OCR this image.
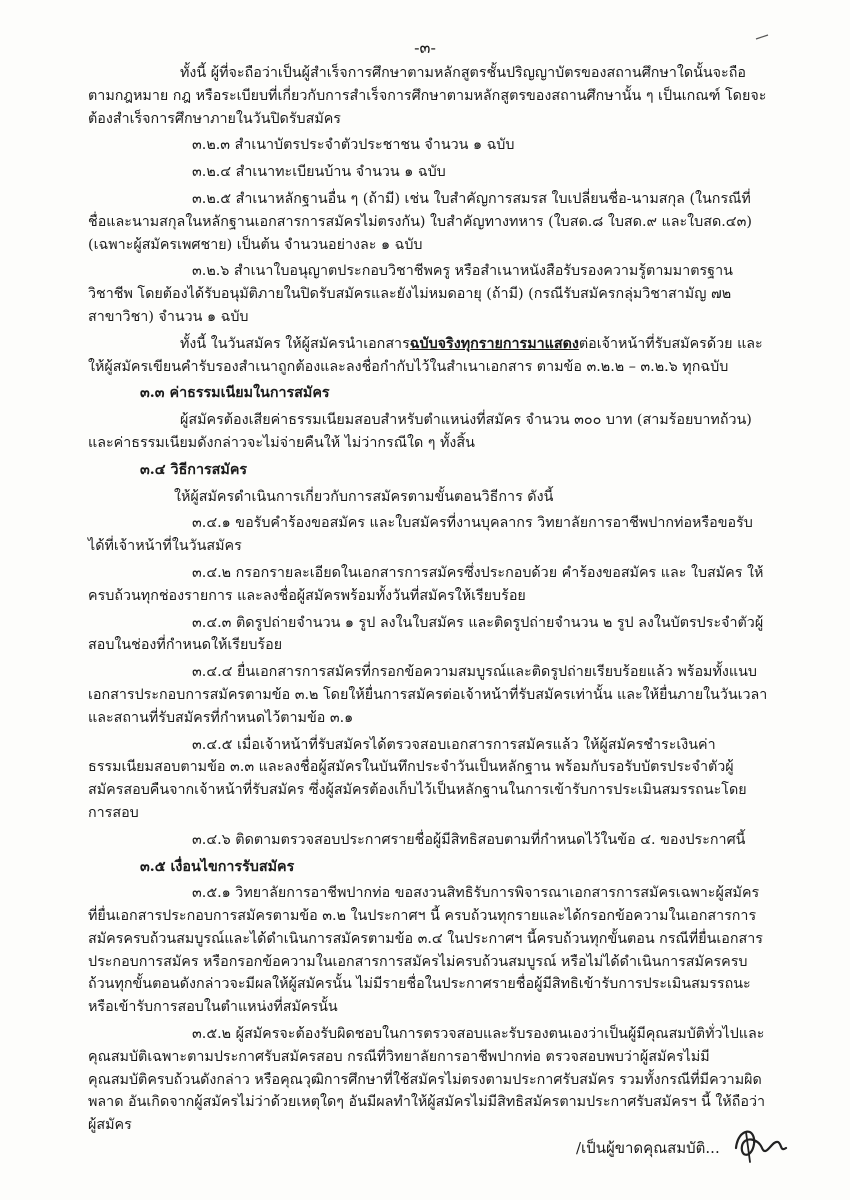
-๓-

ทั้งนี้ ผู้ที่จะถือว่าเป็นผู้สำเร็จการศึกษาตามหลักสูตรชั้นปริญญาบัตรของสถานศึกษาใดนั้นจะถือตามกฎหมาย กฎ หรือระเบียบที่เกี่ยวกับการสำเร็จการศึกษาตามหลักสูตรของสถานศึกษานั้น ๆ เป็นเกณฑ์ โดยจะต้องสำเร็จการศึกษาภายในวันปิดรับสมัคร

๓.๒.๓ สำเนาบัตรประจำตัวประชาชน จำนวน ๑ ฉบับ

๓.๒.๔ สำเนาทะเบียนบ้าน จำนวน ๑ ฉบับ

๓.๒.๕ สำเนาหลักฐานอื่น ๆ (ถ้ามี) เช่น ใบสำคัญการสมรส ใบเปลี่ยนชื่อ-นามสกุล (ในกรณีที่ชื่อและนามสกุลในหลักฐานเอกสารการสมัครไม่ตรงกัน) ใบสำคัญทางทหาร (ใบสด.๘ ใบสด.๙ และใบสด.๔๓) (เฉพาะผู้สมัครเพศชาย) เป็นต้น จำนวนอย่างละ ๑ ฉบับ

๓.๒.๖ สำเนาใบอนุญาตประกอบวิชาชีพครู หรือสำเนาหนังสือรับรองความรู้ตามมาตรฐานวิชาชีพ โดยต้องได้รับอนุมัติภายในปิดรับสมัครและยังไม่หมดอายุ (ถ้ามี) (กรณีรับสมัครกลุ่มวิชาสามัญ ๗๒ สาขาวิชา) จำนวน ๑ ฉบับ

ทั้งนี้ ในวันสมัคร ให้ผู้สมัครนำเอกสารฉบับจริงทุกรายการมาแสดงต่อเจ้าหน้าที่รับสมัครด้วย และให้ผู้สมัครเขียนคำรับรองสำเนาถูกต้องและลงชื่อกำกับไว้ในสำเนาเอกสาร ตามข้อ ๓.๒.๒ – ๓.๒.๖ ทุกฉบับ

๓.๓ ค่าธรรมเนียมในการสมัคร

ผู้สมัครต้องเสียค่าธรรมเนียมสอบสำหรับตำแหน่งที่สมัคร จำนวน ๓๐๐ บาท (สามร้อยบาทถ้วน) และค่าธรรมเนียมดังกล่าวจะไม่จ่ายคืนให้ ไม่ว่ากรณีใด ๆ ทั้งสิ้น

๓.๔ วิธีการสมัคร

ให้ผู้สมัครดำเนินการเกี่ยวกับการสมัครตามขั้นตอนวิธีการ ดังนี้

๓.๔.๑ ขอรับคำร้องขอสมัคร และใบสมัครที่งานบุคลากร วิทยาลัยการอาชีพปากท่อหรือขอรับได้ที่เจ้าหน้าที่ในวันสมัคร

๓.๔.๒ กรอกรายละเอียดในเอกสารการสมัครซึ่งประกอบด้วย คำร้องขอสมัคร และ ใบสมัคร ให้ครบถ้วนทุกช่องรายการ และลงชื่อผู้สมัครพร้อมทั้งวันที่สมัครให้เรียบร้อย

๓.๔.๓ ติดรูปถ่ายจำนวน ๑ รูป ลงในใบสมัคร และติดรูปถ่ายจำนวน ๒ รูป ลงในบัตรประจำตัวผู้สอบในช่องที่กำหนดให้เรียบร้อย

๓.๔.๔ ยื่นเอกสารการสมัครที่กรอกข้อความสมบูรณ์และติดรูปถ่ายเรียบร้อยแล้ว พร้อมทั้งแนบเอกสารประกอบการสมัครตามข้อ ๓.๒ โดยให้ยื่นการสมัครต่อเจ้าหน้าที่รับสมัครเท่านั้น และให้ยื่นภายในวันเวลาและสถานที่รับสมัครที่กำหนดไว้ตามข้อ ๓.๑

๓.๔.๕ เมื่อเจ้าหน้าที่รับสมัครได้ตรวจสอบเอกสารการสมัครแล้ว ให้ผู้สมัครชำระเงินค่าธรรมเนียมสอบตามข้อ ๓.๓ และลงชื่อผู้สมัครในบันทึกประจำวันเป็นหลักฐาน พร้อมกับรอรับบัตรประจำตัวผู้สมัครสอบคืนจากเจ้าหน้าที่รับสมัคร ซึ่งผู้สมัครต้องเก็บไว้เป็นหลักฐานในการเข้ารับการประเมินสมรรถนะโดยการสอบ

๓.๔.๖ ติดตามตรวจสอบประกาศรายชื่อผู้มีสิทธิสอบตามที่กำหนดไว้ในข้อ ๔. ของประกาศนี้

๓.๕ เงื่อนไขการรับสมัคร

๓.๕.๑ วิทยาลัยการอาชีพปากท่อ ขอสงวนสิทธิรับการพิจารณาเอกสารการสมัครเฉพาะผู้สมัครที่ยื่นเอกสารประกอบการสมัครตามข้อ ๓.๒ ในประกาศฯ นี้ ครบถ้วนทุกรายและได้กรอกข้อความในเอกสารการสมัครครบถ้วนสมบูรณ์และได้ดำเนินการสมัครตามข้อ ๓.๔ ในประกาศฯ นี้ครบถ้วนทุกขั้นตอน กรณีที่ยื่นเอกสารประกอบการสมัคร หรือกรอกข้อความในเอกสารการสมัครไม่ครบถ้วนสมบูรณ์ หรือไม่ได้ดำเนินการสมัครครบถ้วนทุกขั้นตอนดังกล่าวจะมีผลให้ผู้สมัครนั้น ไม่มีรายชื่อในประกาศรายชื่อผู้มีสิทธิเข้ารับการประเมินสมรรถนะหรือเข้ารับการสอบในตำแหน่งที่สมัครนั้น

๓.๕.๒ ผู้สมัครจะต้องรับผิดชอบในการตรวจสอบและรับรองตนเองว่าเป็นผู้มีคุณสมบัติทั่วไปและคุณสมบัติเฉพาะตามประกาศรับสมัครสอบ กรณีที่วิทยาลัยการอาชีพปากท่อ ตรวจสอบพบว่าผู้สมัครไม่มีคุณสมบัติครบถ้วนดังกล่าว หรือคุณวุฒิการศึกษาที่ใช้สมัครไม่ตรงตามประกาศรับสมัคร รวมทั้งกรณีที่มีความผิดพลาด อันเกิดจากผู้สมัครไม่ว่าด้วยเหตุใดๆ อันมีผลทำให้ผู้สมัครไม่มีสิทธิสมัครตามประกาศรับสมัครฯ นี้ ให้ถือว่าผู้สมัคร

/เป็นผู้ขาดคุณสมบัติ...
